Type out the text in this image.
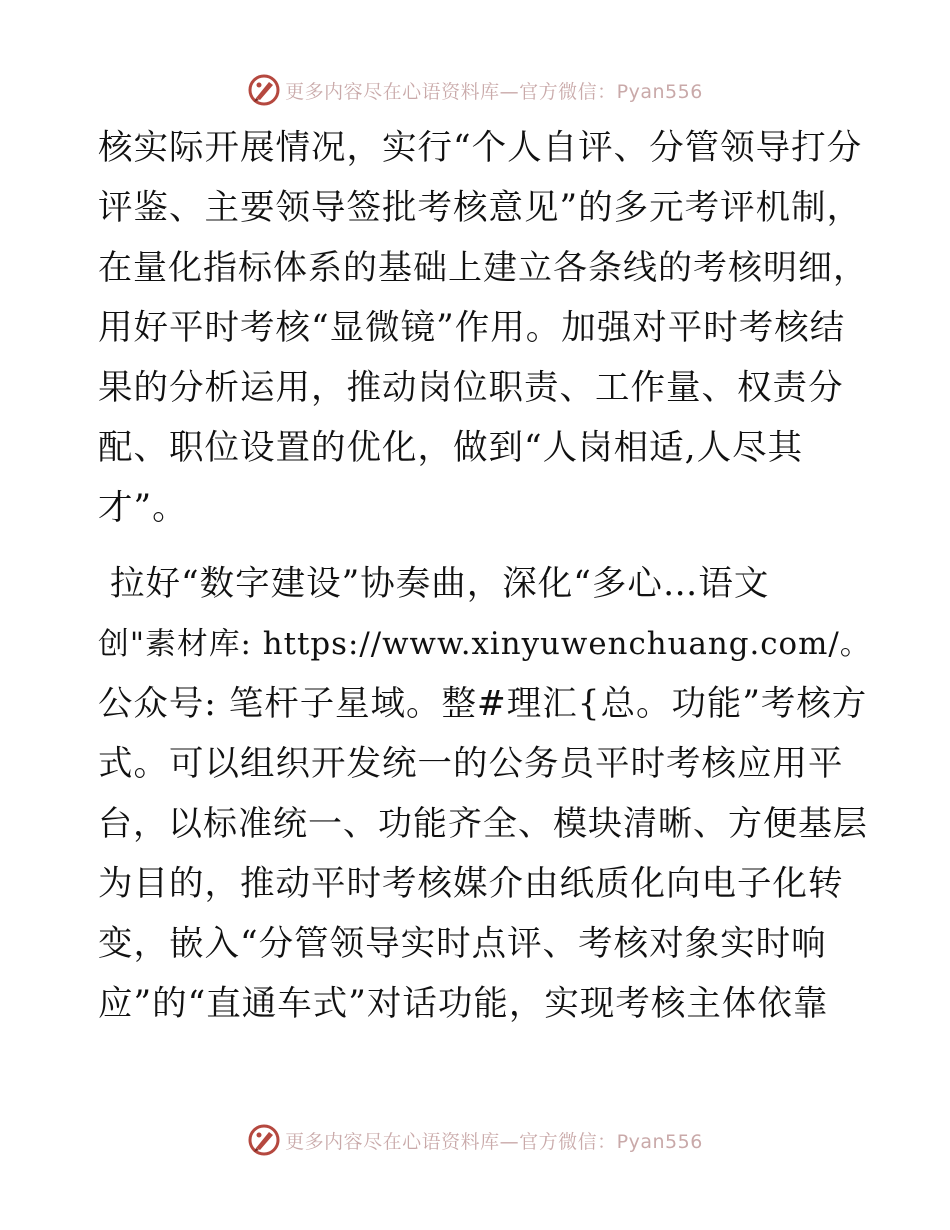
更多内容尽在心语资料库—官方微信：Pyan556

核实际开展情况，实行“个人自评、分管领导打分
评鉴、主要领导签批考核意见”的多元考评机制，
在量化指标体系的基础上建立各条线的考核明细，
用好平时考核“显微镜”作用。加强对平时考核结
果的分析运用，推动岗位职责、工作量、权责分
配、职位设置的优化，做到“人岗相适,人尽其
才”。

拉好“数字建设”协奏曲，深化“多心…语文
创"素材库: https://www.xinyuwenchuang.com/。
公众号: 笔杆子星域。整#理汇{总。功能”考核方
式。可以组织开发统一的公务员平时考核应用平
台，以标准统一、功能齐全、模块清晰、方便基层
为目的，推动平时考核媒介由纸质化向电子化转
变，嵌入“分管领导实时点评、考核对象实时响
应”的“直通车式”对话功能，实现考核主体依靠

更多内容尽在心语资料库—官方微信：Pyan556
